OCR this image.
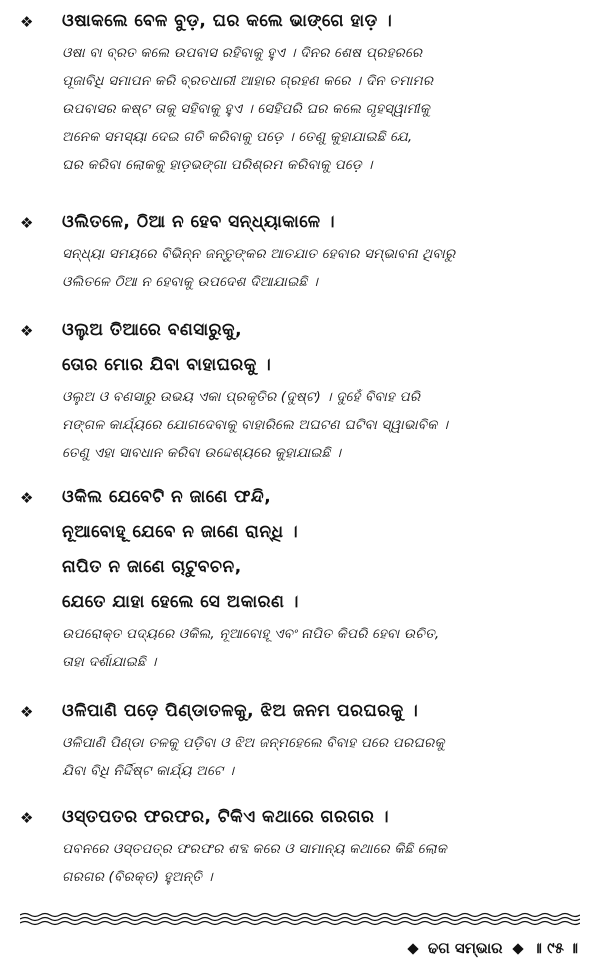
❖ ଓଷାକଲେ ବେଳ ବୁଡ଼, ଘର କଲେ ଭାଙ୍ଗେ ହାଡ଼ ।
ଓଷା ବା ବ୍ରତ କଲେ ଉପବାସ ରହିବାକୁ ହୁଏ । ଦିନର ଶେଷ ପ୍ରହରରେ
ପୂଜାବିଧି ସମାପନ କରି ବ୍ରତଧାରୀ ଆହାର ଗ୍ରହଣ କରେ । ଦିନ ତମାମର
ଉପବାସର କଷ୍ଟ ତାକୁ ସହିବାକୁ ହୁଏ । ସେହିପରି ଘର କଲେ ଗୃହସ୍ୱାମୀକୁ
ଅନେକ ସମସ୍ୟା ଦେଇ ଗତି କରିବାକୁ ପଡ଼େ । ତେଣୁ କୁହାଯାଇଛି ଯେ,
ଘର କରିବା ଲୋକକୁ ହାଡ଼ଭଙ୍ଗା ପରିଶ୍ରମ କରିବାକୁ ପଡ଼େ ।
❖ ଓଲିତଳେ, ଠିଆ ନ ହେବ ସନ୍ଧ୍ୟାକାଳେ ।
ସନ୍ଧ୍ୟା ସମୟରେ ବିଭିନ୍ନ ଜନ୍ତୁଙ୍କର ଆତଯାତ ହେବାର ସମ୍ଭାବନା ଥିବାରୁ
ଓଲିତଳେ ଠିଆ ନ ହେବାକୁ ଉପଦେଶ ଦିଆଯାଇଛି ।
❖ ଓଲୁଅ ତିଆରେ ବଣସାରୁକୁ,
ତୋର ମୋର ଯିବା ବାହାଘରକୁ ।
ଓଲୁଅ ଓ ବଣସାରୁ ଉଭୟ ଏକା ପ୍ରକୃତିର (ଦୁଷ୍ଟ) । ଦୁହେଁ ବିବାହ ପରି
ମଙ୍ଗଳ କାର୍ଯ୍ୟରେ ଯୋଗଦେବାକୁ ବାହାରିଲେ ଅଘଟଣ ଘଟିବା ସ୍ୱାଭାବିକ ।
ତେଣୁ ଏହା ସାବଧାନ କରିବା ଉଦ୍ଦେଶ୍ୟରେ କୁହାଯାଇଛି ।
❖ ଓକିଲ ଯେବେଟି ନ ଜାଣେ ଫନ୍ଦି,
ନୂଆବୋହୂ ଯେବେ ନ ଜାଣେ ରାନ୍ଧି ।
ନାପିତ ନ ଜାଣେ ଚାଟୁବଚନ,
ଯେତେ ଯାହା ହେଲେ ସେ ଅକାରଣ ।
ଉପରୋକ୍ତ ପଦ୍ୟରେ ଓକିଲ, ନୂଆବୋହୂ ଏବଂ ନାପିତ କିପରି ହେବା ଉଚିତ,
ତାହା ଦର୍ଶାଯାଇଛି ।
❖ ଓଳିପାଣି ପଡ଼େ ପିଣ୍ଡାତଳକୁ, ଝିଅ ଜନମ ପରଘରକୁ ।
ଓଳିପାଣି ପିଣ୍ଡା ତଳକୁ ପଡ଼ିବା ଓ ଝିଅ ଜନ୍ମହେଲେ ବିବାହ ପରେ ପରଘରକୁ
ଯିବା ବିଧି ନିର୍ଦ୍ଦିଷ୍ଟ କାର୍ଯ୍ୟ ଅଟେ ।
❖ ଓସ୍ତପତର ଫରଫର, ଟିକିଏ କଥାରେ ଗରଗର ।
ପବନରେ ଓସ୍ତପତ୍ର ଫରଫର ଶବ୍ଦ କରେ ଓ ସାମାନ୍ୟ କଥାରେ କିଛି ଲୋକ
ଗରଗର (ବିରକ୍ତ) ହୁଅନ୍ତି ।
ଢଗ ସମ୍ଭାର ॥ ୯୫ ॥
